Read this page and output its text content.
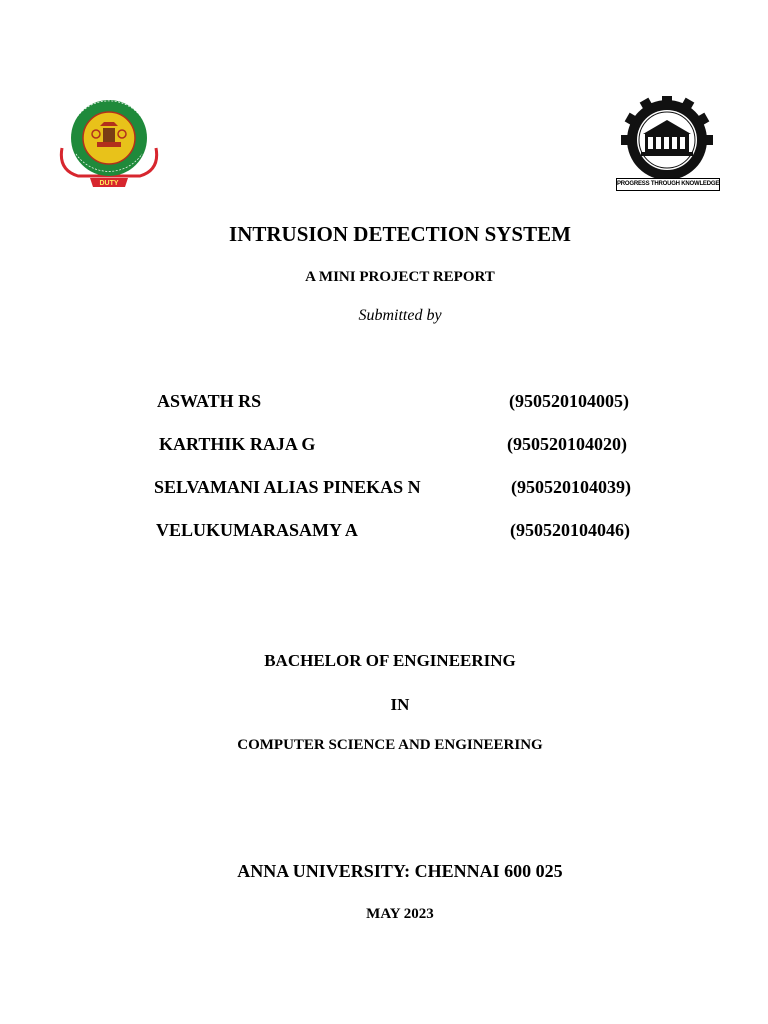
DUTY	PROGRESS THROUGH KNOWLEDGE
INTRUSION DETECTION SYSTEM
A MINI PROJECT REPORT
Submitted by
ASWATH RS	(950520104005)
KARTHIK RAJA G	(950520104020)
SELVAMANI ALIAS PINEKAS N	(950520104039)
VELUKUMARASAMY A	(950520104046)
BACHELOR OF ENGINEERING
IN
COMPUTER SCIENCE AND ENGINEERING
ANNA UNIVERSITY: CHENNAI 600 025
MAY 2023
